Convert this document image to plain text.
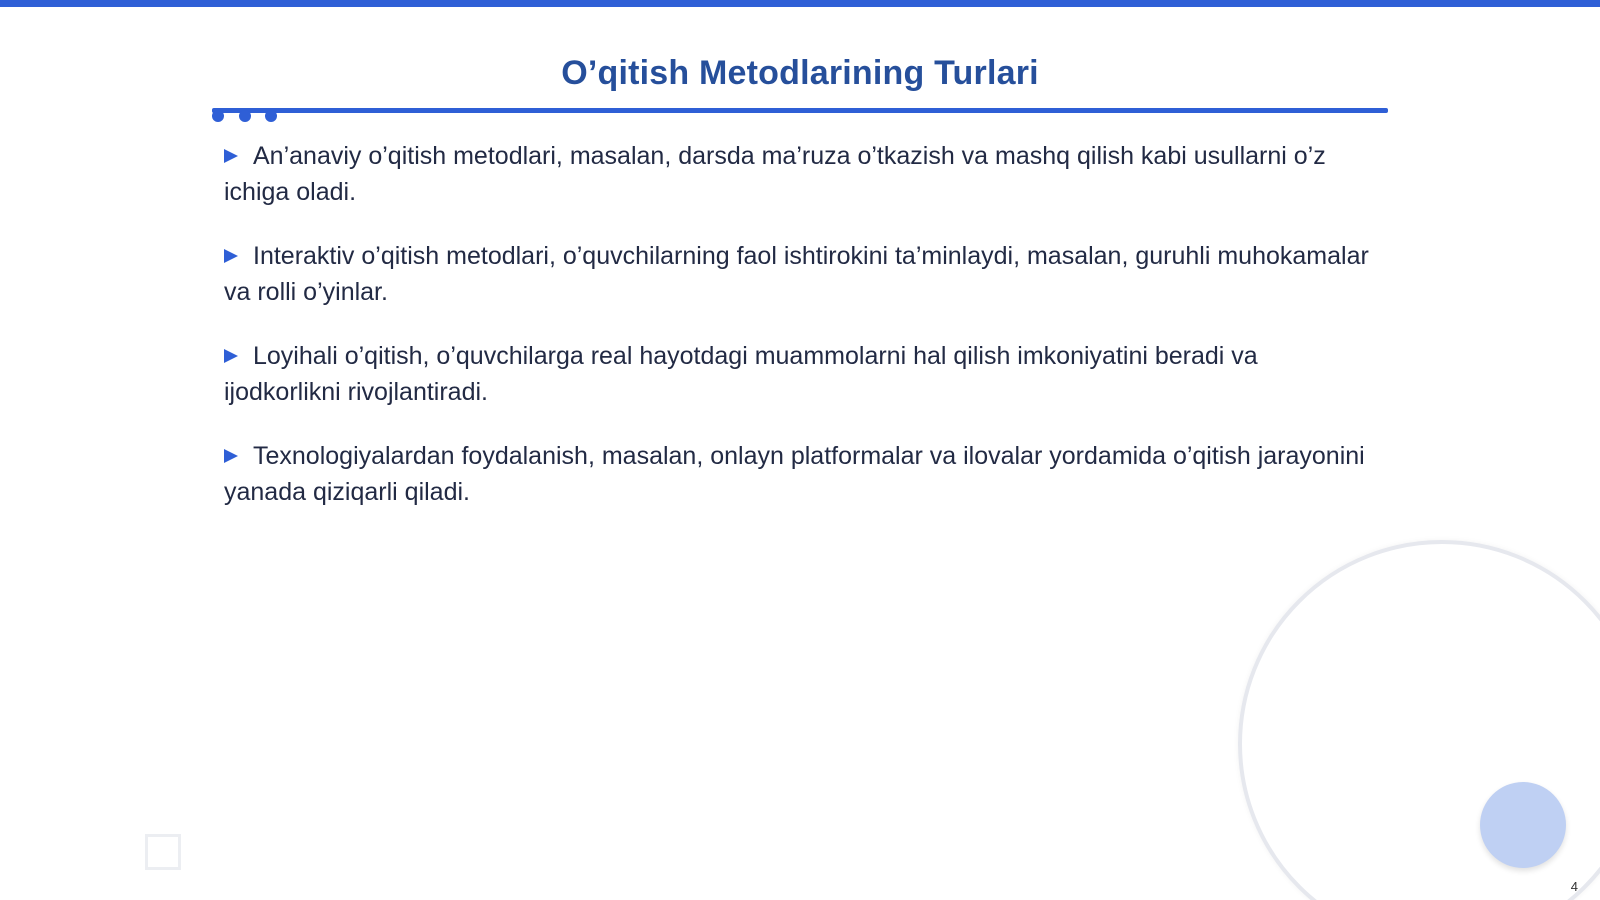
O’qitish Metodlarining Turlari
An’anaviy o’qitish metodlari, masalan, darsda ma’ruza o’tkazish va mashq qilish kabi usullarni o’z ichiga oladi.
Interaktiv o’qitish metodlari, o’quvchilarning faol ishtirokini ta’minlaydi, masalan, guruhli muhokamalar va rolli o’yinlar.
Loyihali o’qitish, o’quvchilarga real hayotdagi muammolarni hal qilish imkoniyatini beradi va ijodkorlikni rivojlantiradi.
Texnologiyalardan foydalanish, masalan, onlayn platformalar va ilovalar yordamida o’qitish jarayonini yanada qiziqarli qiladi.
4
